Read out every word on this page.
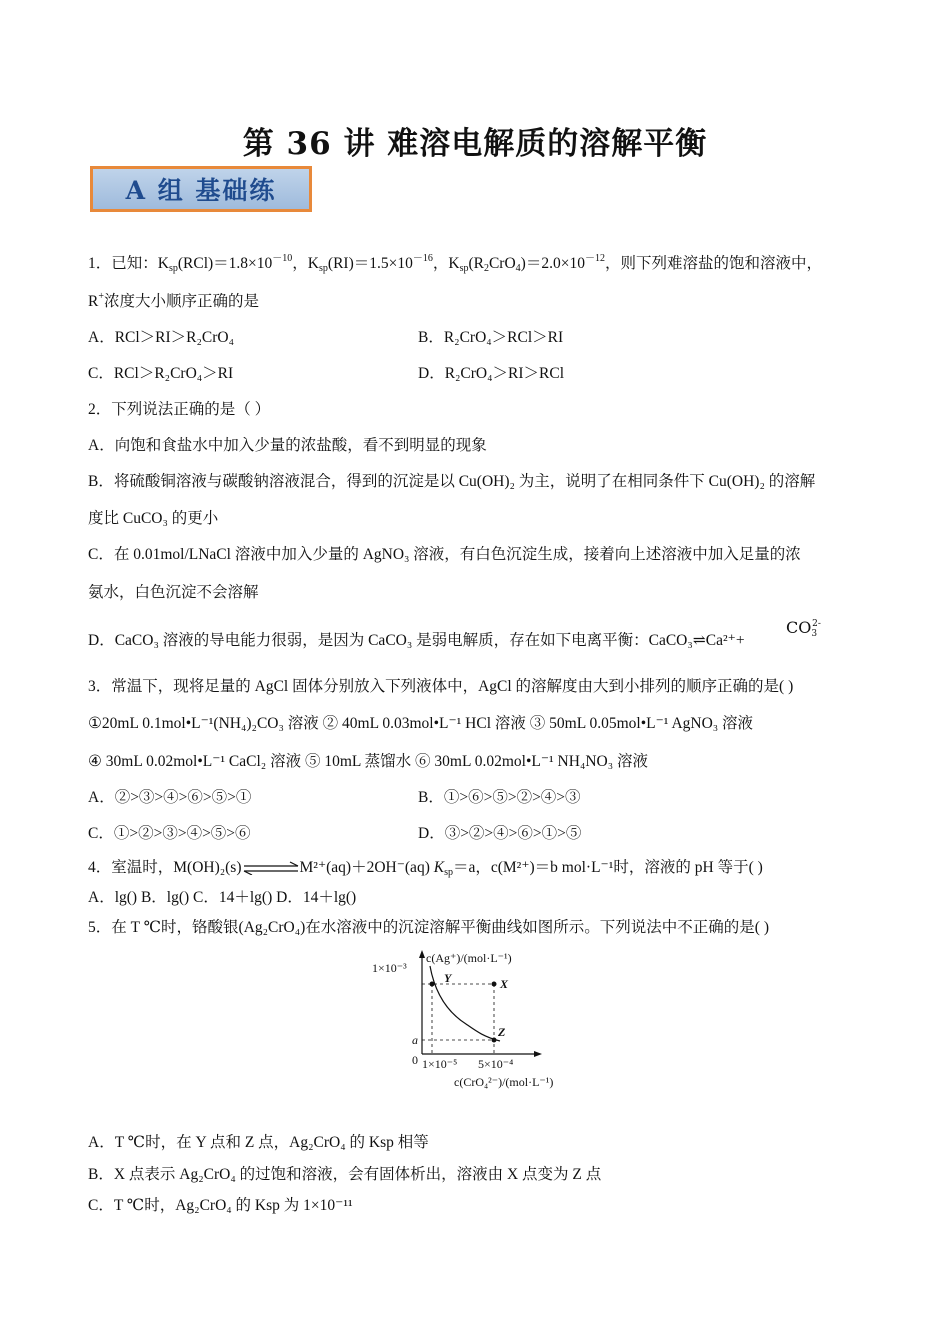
第 36 讲 难溶电解质的溶解平衡
A 组 基础练
1．已知：$K_{sp}(RCl)=1.8\times 10^{-10}$，$K_{sp}(RI)=1.5\times 10^{-16}$，$K_{sp}(R_2CrO_4)=2.0\times 10^{-12}$，则下列难溶盐的饱和溶液中，
R+浓度大小顺序正确的是
A．RCl＞RI＞R₂CrO₄	B．R₂CrO₄＞RCl＞RI
C．RCl＞R₂CrO₄＞RI	D．R₂CrO₄＞RI＞RCl
2．下列说法正确的是（ ）
A．向饱和食盐水中加入少量的浓盐酸，看不到明显的现象
B．将硫酸铜溶液与碳酸钠溶液混合，得到的沉淀是以 Cu(OH)₂ 为主，说明了在相同条件下 Cu(OH)₂ 的溶解
度比 CuCO₃ 的更小
C．在 0.01mol/LNaCl 溶液中加入少量的 AgNO₃ 溶液，有白色沉淀生成，接着向上述溶液中加入足量的浓
氨水，白色沉淀不会溶解
D．CaCO₃ 溶液的导电能力很弱，是因为 CaCO₃ 是弱电解质，存在如下电离平衡：CaCO₃⇌Ca²⁺+
$CO_3^{2-}$
3．常温下，现将足量的 AgCl 固体分别放入下列液体中，AgCl 的溶解度由大到小排列的顺序正确的是( )
①20mL 0.1mol•L⁻¹(NH₄)₂CO₃ 溶液 ② 40mL 0.03mol•L⁻¹ HCl 溶液 ③ 50mL 0.05mol•L⁻¹ AgNO₃ 溶液
④ 30mL 0.02mol•L⁻¹ CaCl₂ 溶液 ⑤ 10mL 蒸馏水 ⑥ 30mL 0.02mol•L⁻¹ NH₄NO₃ 溶液
A．②>③>④>⑥>⑤>①	B．①>⑥>⑤>②>④>③
C．①>②>③>④>⑤>⑥	D．③>②>④>⑥>①>⑤
4．室温时，M(OH)₂(s)⇌M²⁺(aq)＋2OH⁻(aq) $K_{sp}=a$，c(M²⁺)＝b mol·L⁻¹时，溶液的 pH 等于( )
A．lg() B．lg() C．14＋lg() D．14＋lg()
5．在 T ℃时，铬酸银(Ag₂CrO₄)在水溶液中的沉淀溶解平衡曲线如图所示。下列说法中不正确的是( )
c(Ag⁺)/(mol·L⁻¹)
1×10⁻³
a
0 1×10⁻⁵ 5×10⁻⁴
c(CrO₄²⁻)/(mol·L⁻¹)
Y	X
Z
A．T ℃时，在 Y 点和 Z 点，Ag₂CrO₄ 的 Ksp 相等
B．X 点表示 Ag₂CrO₄ 的过饱和溶液，会有固体析出，溶液由 X 点变为 Z 点
C．T ℃时，Ag₂CrO₄ 的 Ksp 为 1×10⁻¹¹
